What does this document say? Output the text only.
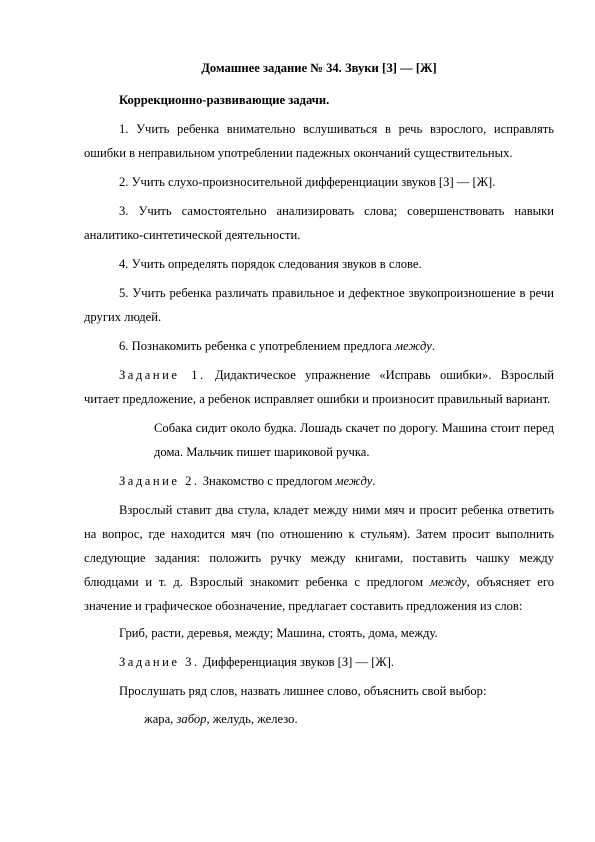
Домашнее задание № 34. Звуки [З] — [Ж]
Коррекционно-развивающие задачи.
1. Учить ребенка внимательно вслушиваться в речь взрослого, исправлять ошибки в неправильном употреблении падежных окончаний существительных.
2. Учить слухо-произносительной дифференциации звуков [З] — [Ж].
3. Учить самостоятельно анализировать слова; совершенствовать навыки аналитико-синтетической деятельности.
4. Учить определять порядок следования звуков в слове.
5. Учить ребенка различать правильное и дефектное звукопроизношение в речи других людей.
6. Познакомить ребенка с употреблением предлога между.
Задание 1. Дидактическое упражнение «Исправь ошибки». Взрослый читает предложение, а ребенок исправляет ошибки и произносит правильный вариант.
Собака сидит около будка. Лошадь скачет по дорогу. Машина стоит перед дома. Мальчик пишет шариковой ручка.
Задание 2. Знакомство с предлогом между.
Взрослый ставит два стула, кладет между ними мяч и просит ребенка ответить на вопрос, где находится мяч (по отношению к стульям). Затем просит выполнить следующие задания: положить ручку между книгами, поставить чашку между блюдцами и т. д. Взрослый знакомит ребенка с предлогом между, объясняет его значение и графическое обозначение, предлагает составить предложения из слов:
Гриб, расти, деревья, между; Машина, стоять, дома, между.
Задание 3. Дифференциация звуков [З] — [Ж].
Прослушать ряд слов, назвать лишнее слово, объяснить свой выбор:
жара, забор, желудь, железо.
